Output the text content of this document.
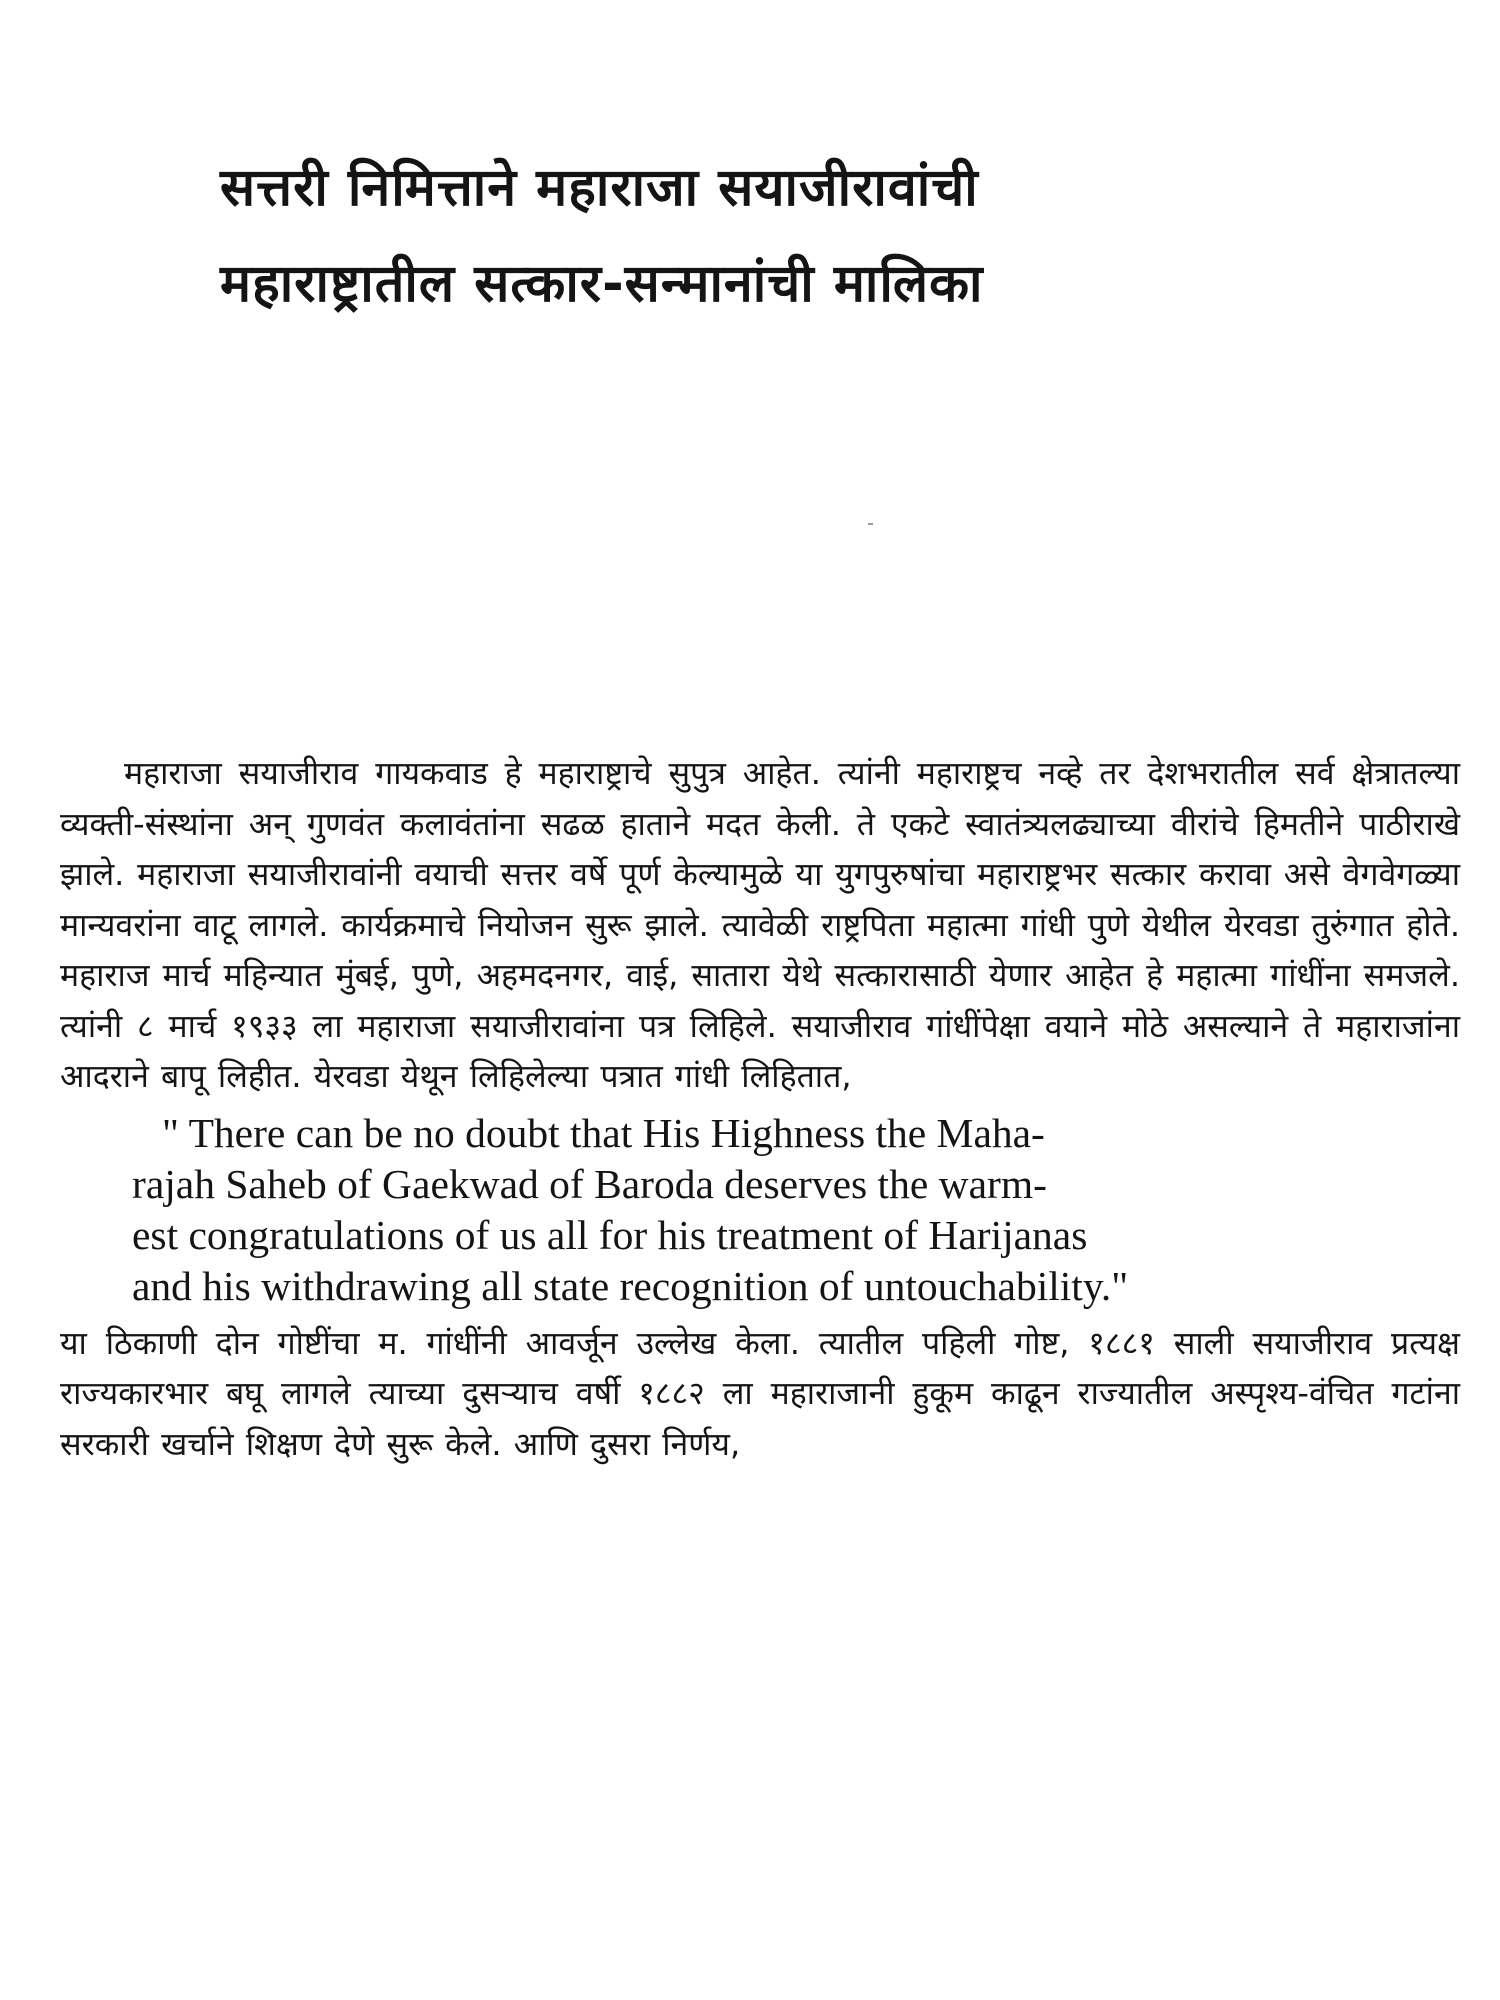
सत्तरी निमित्ताने महाराजा सयाजीरावांची
महाराष्ट्रातील सत्कार-सन्मानांची मालिका

महाराजा सयाजीराव गायकवाड हे महाराष्ट्राचे सुपुत्र आहेत. त्यांनी महाराष्ट्रच नव्हे तर देशभरातील सर्व क्षेत्रातल्या व्यक्ती-संस्थांना अन् गुणवंत कलावंतांना सढळ हाताने मदत केली. ते एकटे स्वातंत्र्यलढ्याच्या वीरांचे हिमतीने पाठीराखे झाले. महाराजा सयाजीरावांनी वयाची सत्तर वर्षे पूर्ण केल्यामुळे या युगपुरुषांचा महाराष्ट्रभर सत्कार करावा असे वेगवेगळ्या मान्यवरांना वाटू लागले. कार्यक्रमाचे नियोजन सुरू झाले. त्यावेळी राष्ट्रपिता महात्मा गांधी पुणे येथील येरवडा तुरुंगात होते. महाराज मार्च महिन्यात मुंबई, पुणे, अहमदनगर, वाई, सातारा येथे सत्कारासाठी येणार आहेत हे महात्मा गांधींना समजले. त्यांनी ८ मार्च १९३३ ला महाराजा सयाजीरावांना पत्र लिहिले. सयाजीराव गांधींपेक्षा वयाने मोठे असल्याने ते महाराजांना आदराने बापू लिहीत. येरवडा येथून लिहिलेल्या पत्रात गांधी लिहितात,

" There can be no doubt that His Highness the Maha-
rajah Saheb of Gaekwad of Baroda deserves the warm-
est congratulations of us all for his treatment of Harijanas
and his withdrawing all state recognition of untouchability."

या ठिकाणी दोन गोष्टींचा म. गांधींनी आवर्जून उल्लेख केला. त्यातील पहिली गोष्ट, १८८१ साली सयाजीराव प्रत्यक्ष राज्यकारभार बघू लागले त्याच्या दुसऱ्याच वर्षी १८८२ ला महाराजानी हुकूम काढून राज्यातील अस्पृश्य-वंचित गटांना सरकारी खर्चाने शिक्षण देणे सुरू केले. आणि दुसरा निर्णय,
